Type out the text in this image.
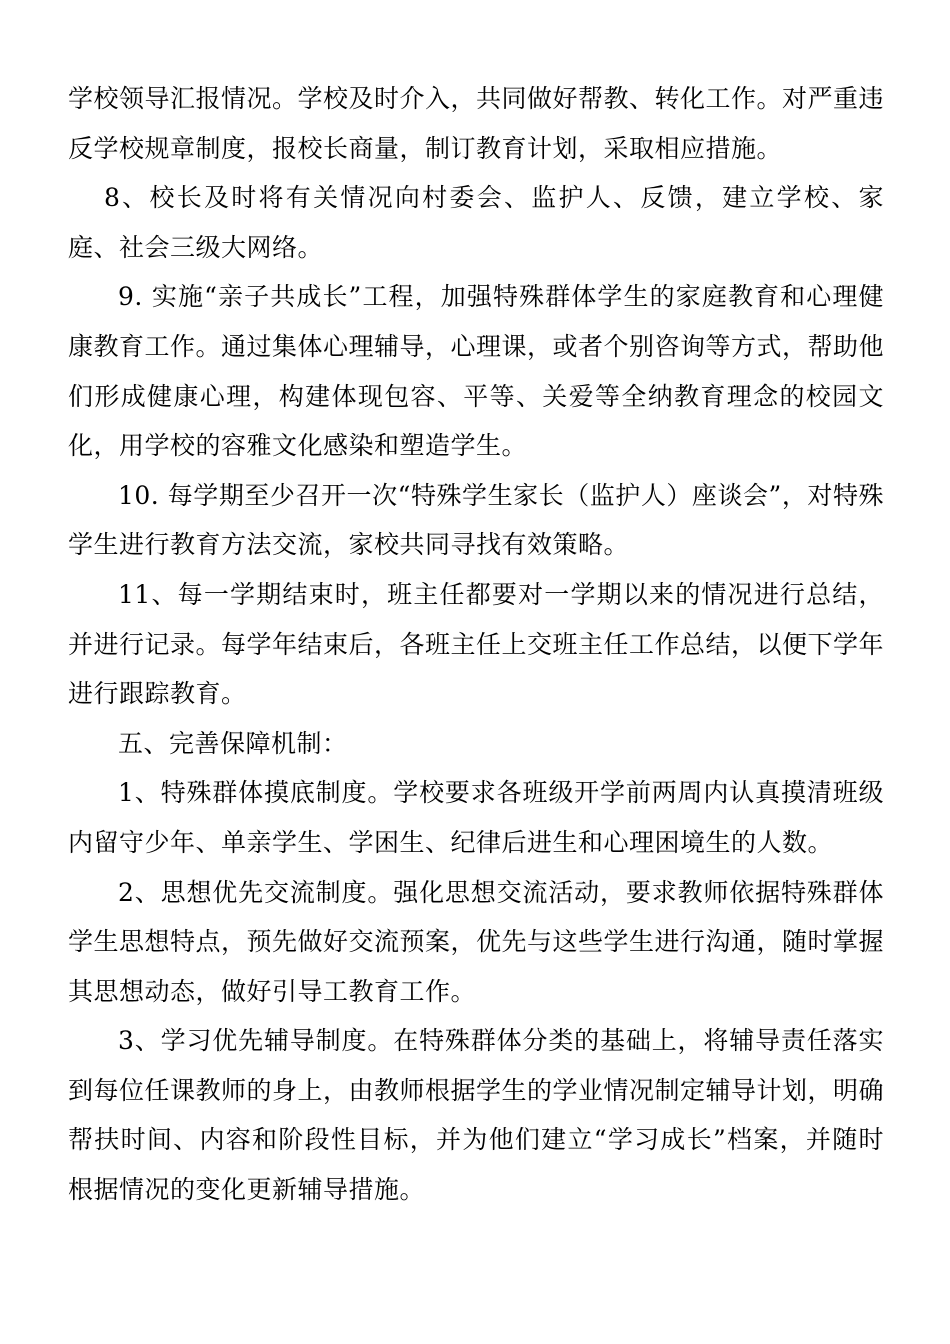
学校领导汇报情况。学校及时介入，共同做好帮教、转化工作。对严重违反学校规章制度，报校长商量，制订教育计划，采取相应措施。

8、校长及时将有关情况向村委会、监护人、反馈，建立学校、家庭、社会三级大网络。

9. 实施“亲子共成长”工程，加强特殊群体学生的家庭教育和心理健康教育工作。通过集体心理辅导，心理课，或者个别咨询等方式，帮助他们形成健康心理，构建体现包容、平等、关爱等全纳教育理念的校园文化，用学校的容雅文化感染和塑造学生。

10. 每学期至少召开一次“特殊学生家长（监护人）座谈会”，对特殊学生进行教育方法交流，家校共同寻找有效策略。

11、每一学期结束时，班主任都要对一学期以来的情况进行总结，并进行记录。每学年结束后，各班主任上交班主任工作总结，以便下学年进行跟踪教育。

五、完善保障机制：

1、特殊群体摸底制度。学校要求各班级开学前两周内认真摸清班级内留守少年、单亲学生、学困生、纪律后进生和心理困境生的人数。

2、思想优先交流制度。强化思想交流活动，要求教师依据特殊群体学生思想特点，预先做好交流预案，优先与这些学生进行沟通，随时掌握其思想动态，做好引导工教育工作。

3、学习优先辅导制度。在特殊群体分类的基础上，将辅导责任落实到每位任课教师的身上，由教师根据学生的学业情况制定辅导计划，明确帮扶时间、内容和阶段性目标，并为他们建立“学习成长”档案，并随时根据情况的变化更新辅导措施。
